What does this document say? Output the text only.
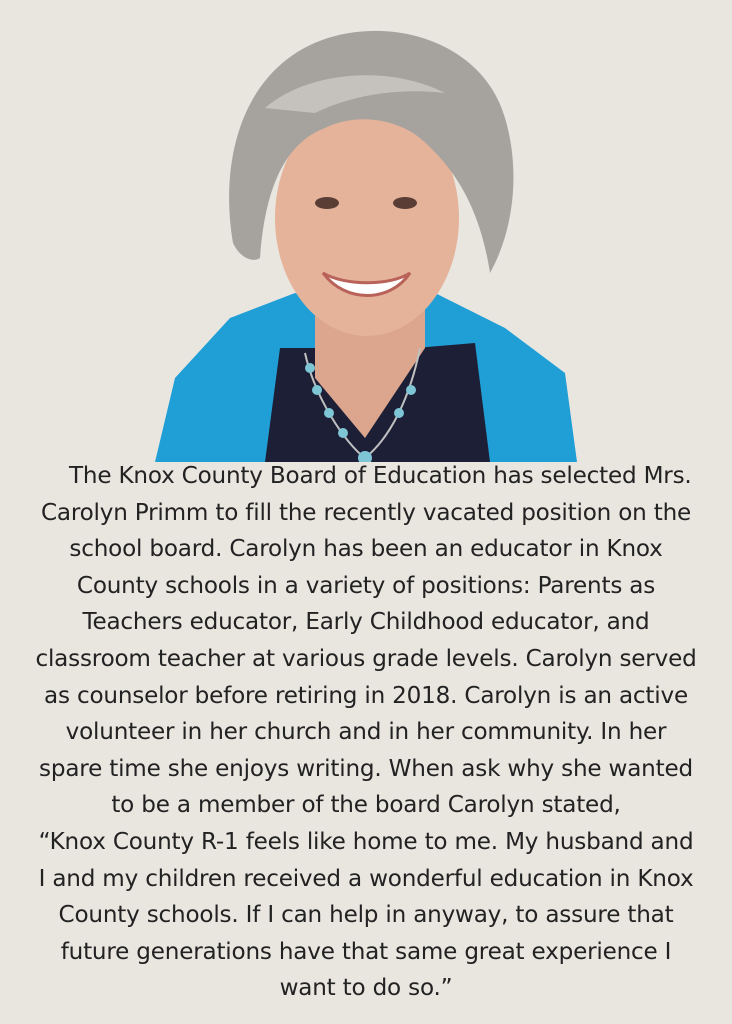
The Knox County Board of Education has selected Mrs.

Carolyn Primm to fill the recently vacated position on the

school board. Carolyn has been an educator in Knox

County schools in a variety of positions: Parents as

Teachers educator, Early Childhood educator, and

classroom teacher at various grade levels. Carolyn served

as counselor before retiring in 2018. Carolyn is an active

volunteer in her church and in her community. In her

spare time she enjoys writing. When ask why she wanted

to be a member of the board Carolyn stated,

“Knox County R-1 feels like home to me. My husband and

I and my children received a wonderful education in Knox

County schools. If I can help in anyway, to assure that

future generations have that same great experience I

want to do so.”
